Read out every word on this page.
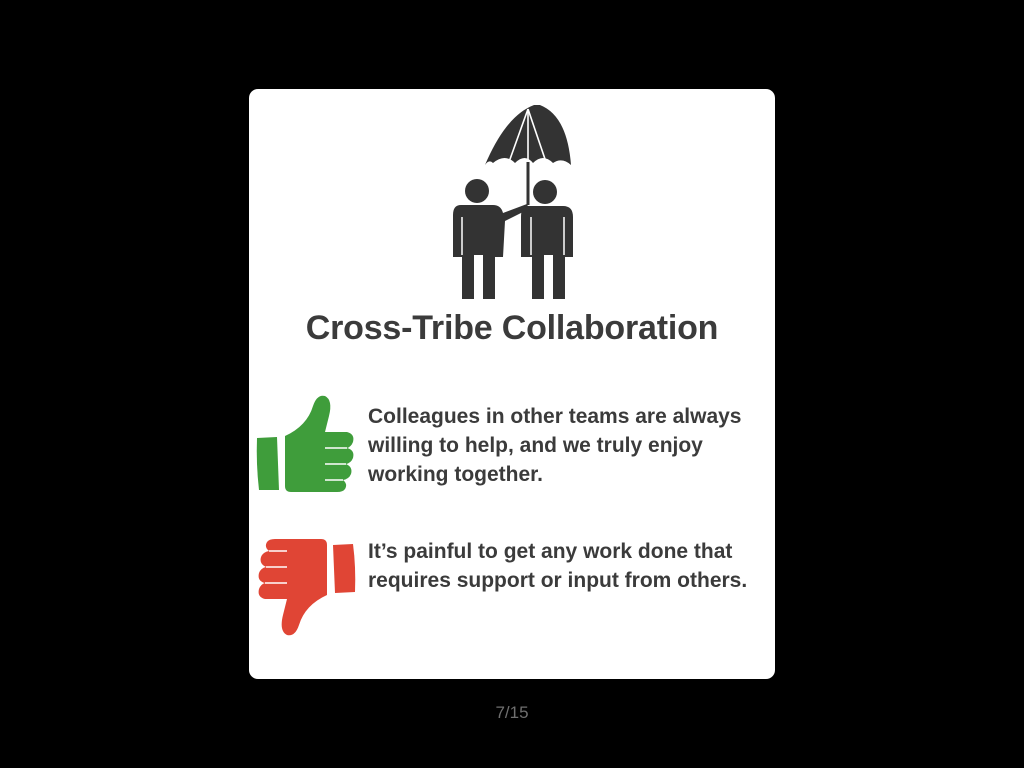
Cross-Tribe Collaboration
Colleagues in other teams are always willing to help, and we truly enjoy working together.
It’s painful to get any work done that requires support or input from others.
7/15
